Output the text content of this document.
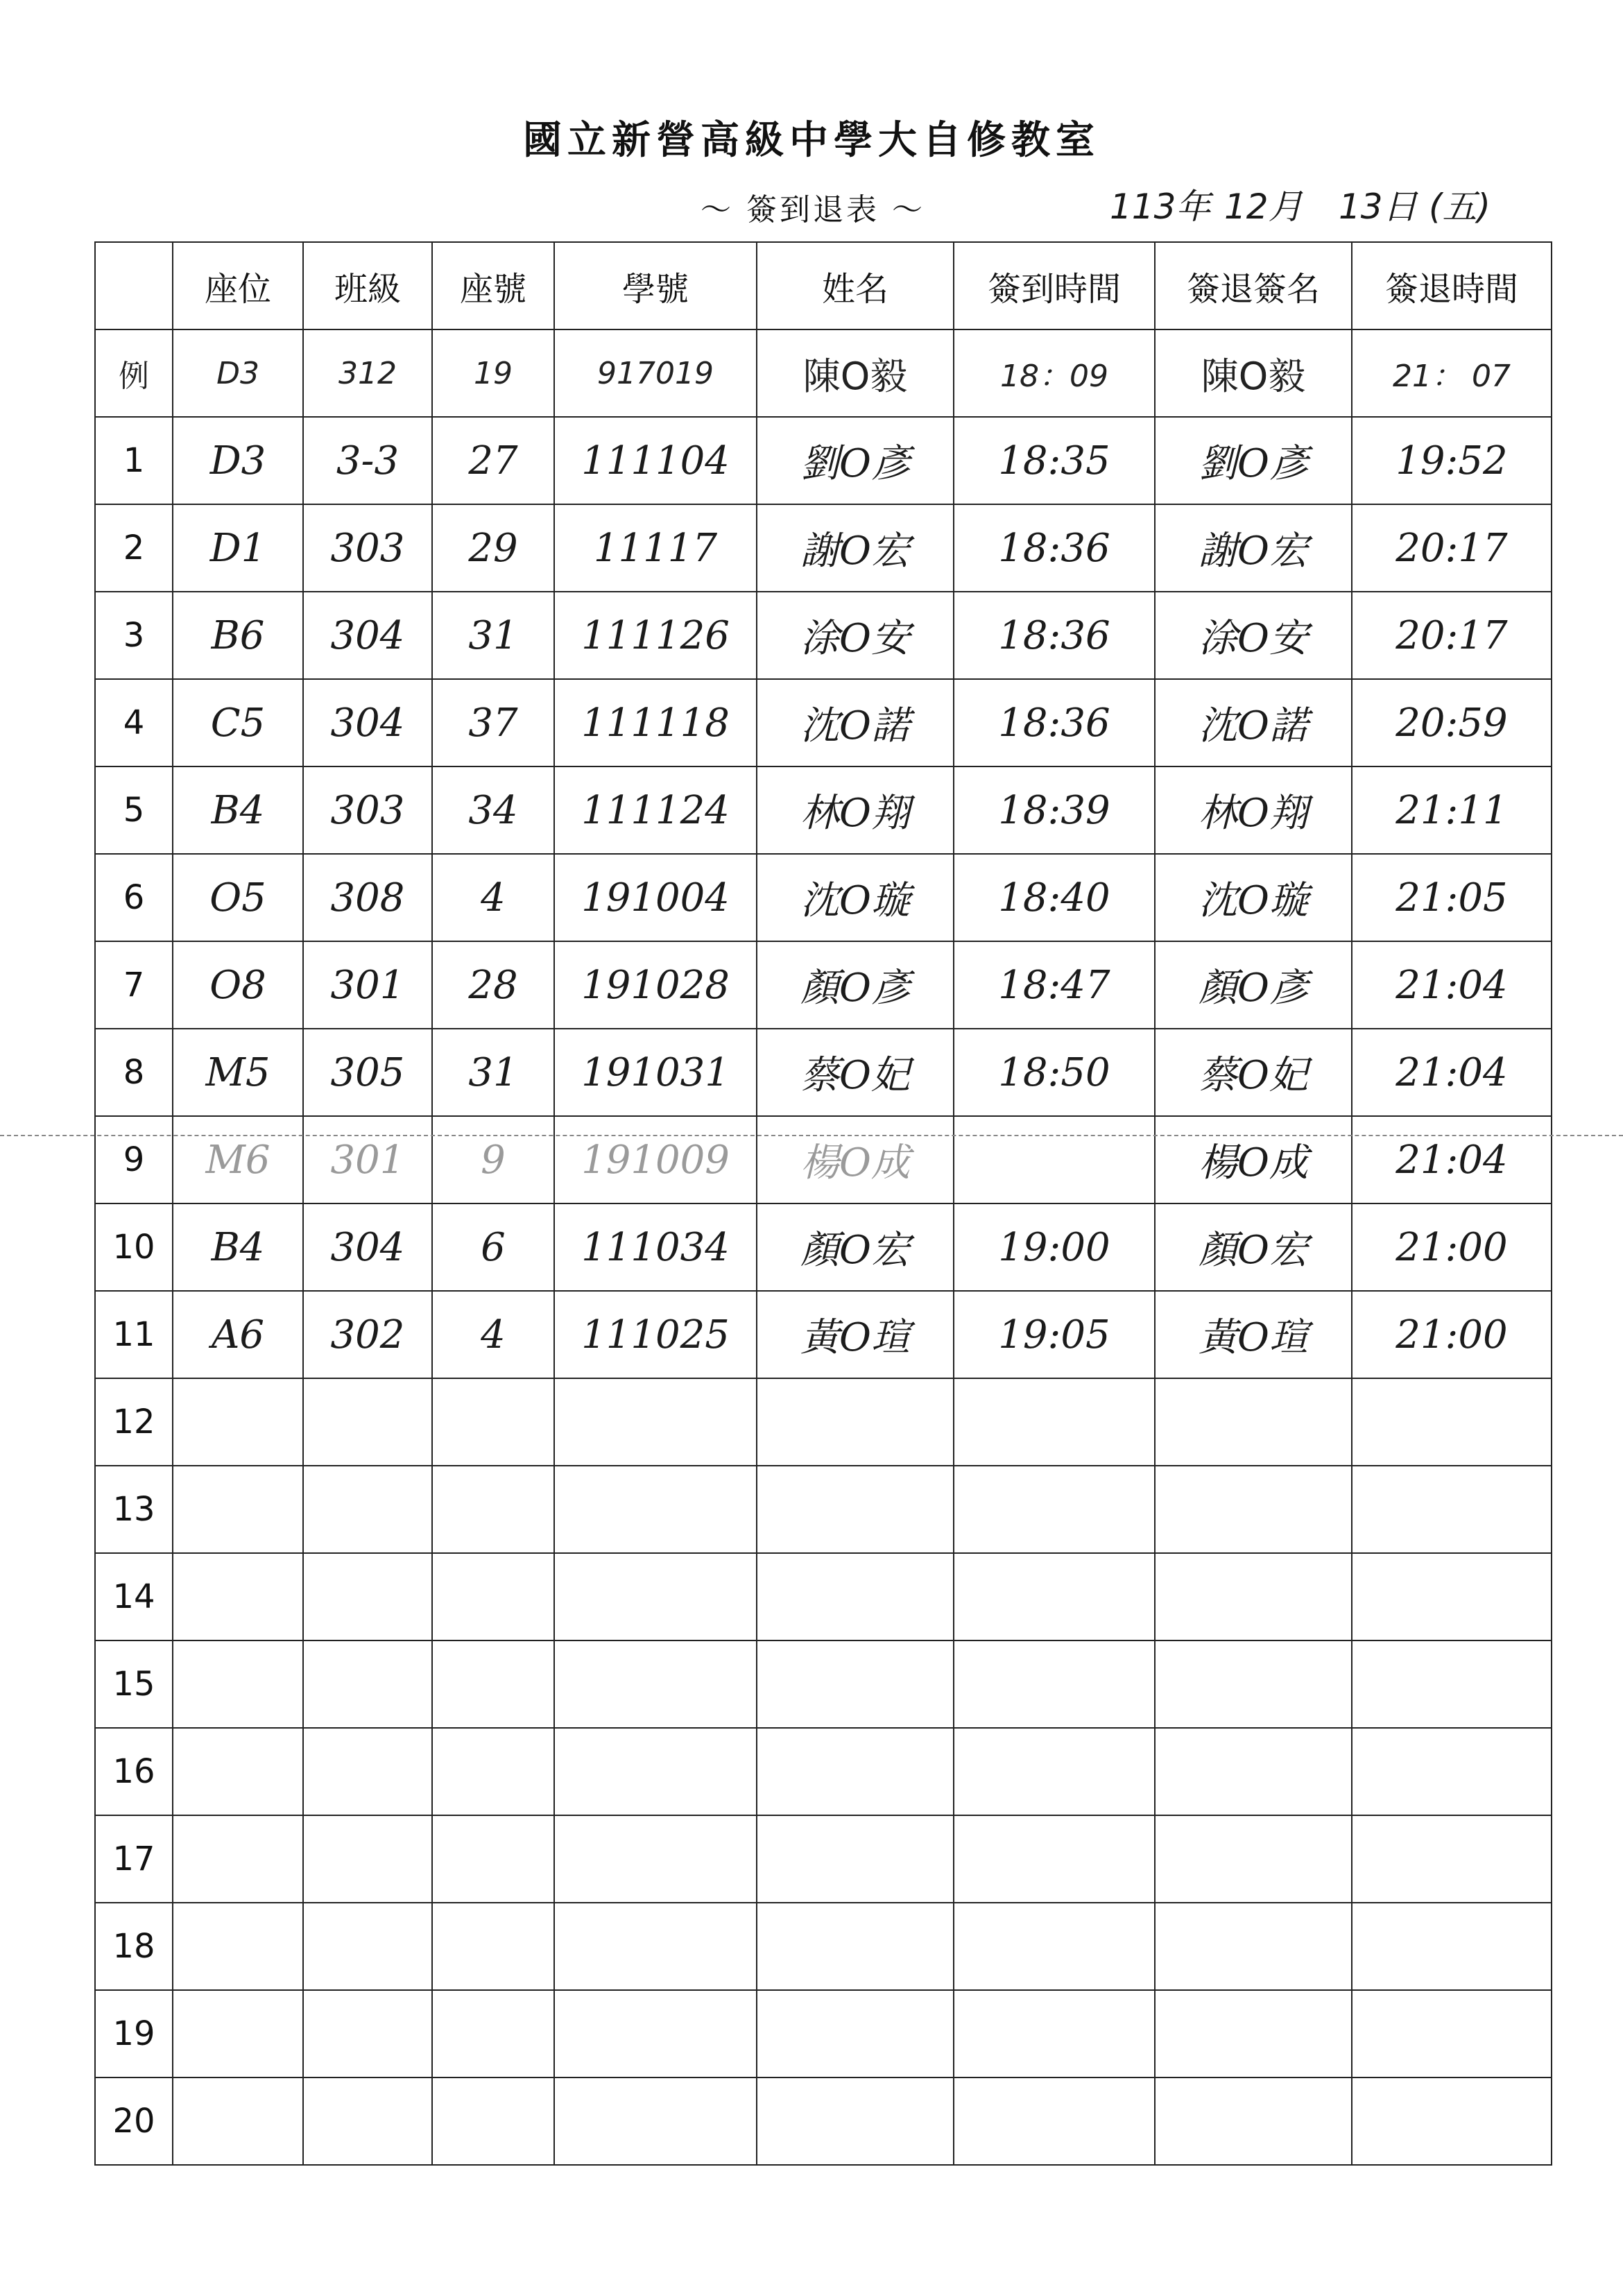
國立新營高級中學大自修教室
～ 簽到退表 ～	113年 12月 13日 (五)
	座位	班級	座號	學號	姓名	簽到時間	簽退簽名	簽退時間
例	D3	312	19	917019	陳O毅	18：09	陳O毅	21： 07
1	D3	3-3	27	111104	劉O彥	18:35	劉O彥	19:52
2	D1	303	29	11117	謝O宏	18:36	謝O宏	20:17
3	B6	304	31	111126	涂O安	18:36	涂O安	20:17
4	C5	304	37	111118	沈O諾	18:36	沈O諾	20:59
5	B4	303	34	111124	林O翔	18:39	林O翔	21:11
6	O5	308	4	191004	沈O璇	18:40	沈O璇	21:05
7	O8	301	28	191028	顏O彥	18:47	顏O彥	21:04
8	M5	305	31	191031	蔡O妃	18:50	蔡O妃	21:04
9	M6	301	9	191009	楊O成		楊O成	21:04
10	B4	304	6	111034	顏O宏	19:00	顏O宏	21:00
11	A6	302	4	111025	黃O瑄	19:05	黃O瑄	21:00
12								
13								
14								
15								
16								
17								
18								
19								
20								
